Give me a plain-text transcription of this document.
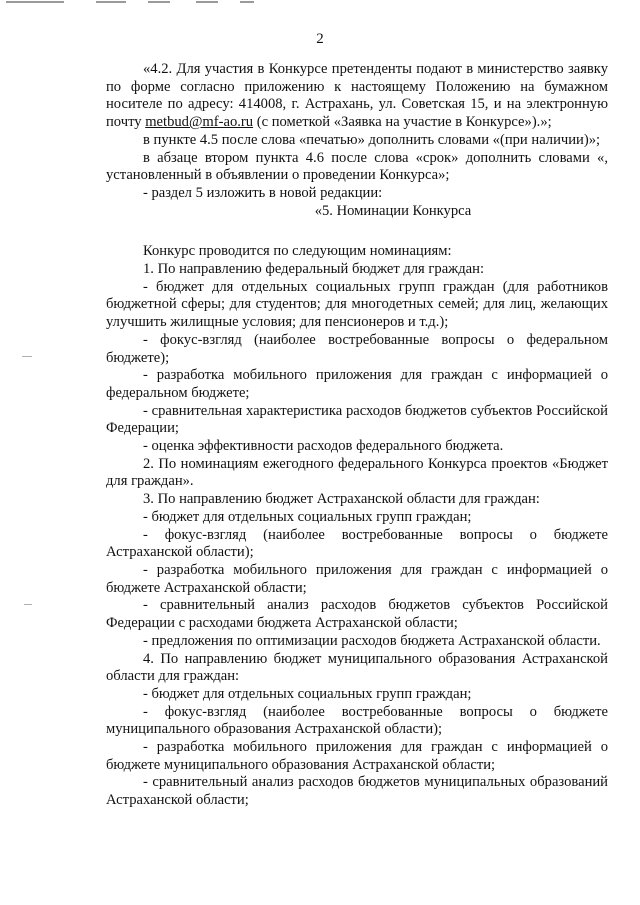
2

«4.2. Для участия в Конкурсе претенденты подают в министерство заявку по форме согласно приложению к настоящему Положению на бумажном носителе по адресу: 414008, г. Астрахань, ул. Советская 15, и на электронную почту metbud@mf-ao.ru (с пометкой «Заявка на участие в Конкурсе»).»;

в пункте 4.5 после слова «печатью» дополнить словами «(при наличии)»;

в абзаце втором пункта 4.6 после слова «срок» дополнить словами «, установленный в объявлении о проведении Конкурса»;

- раздел 5 изложить в новой редакции:

«5. Номинации Конкурса

Конкурс проводится по следующим номинациям:

1. По направлению федеральный бюджет для граждан:

- бюджет для отдельных социальных групп граждан (для работников бюджетной сферы; для студентов; для многодетных семей; для лиц, желающих улучшить жилищные условия; для пенсионеров и т.д.);

- фокус-взгляд (наиболее востребованные вопросы о федеральном бюджете);

- разработка мобильного приложения для граждан с информацией о федеральном бюджете;

- сравнительная характеристика расходов бюджетов субъектов Российской Федерации;

- оценка эффективности расходов федерального бюджета.

2. По номинациям ежегодного федерального Конкурса проектов «Бюджет для граждан».

3. По направлению бюджет Астраханской области для граждан:

- бюджет для отдельных социальных групп граждан;

- фокус-взгляд (наиболее востребованные вопросы о бюджете Астраханской области);

- разработка мобильного приложения для граждан с информацией о бюджете Астраханской области;

- сравнительный анализ расходов бюджетов субъектов Российской Федерации с расходами бюджета Астраханской области;

- предложения по оптимизации расходов бюджета Астраханской области.

4. По направлению бюджет муниципального образования Астраханской области для граждан:

- бюджет для отдельных социальных групп граждан;

- фокус-взгляд (наиболее востребованные вопросы о бюджете муниципального образования Астраханской области);

- разработка мобильного приложения для граждан с информацией о бюджете муниципального образования Астраханской области;

- сравнительный анализ расходов бюджетов муниципальных образований Астраханской области;
